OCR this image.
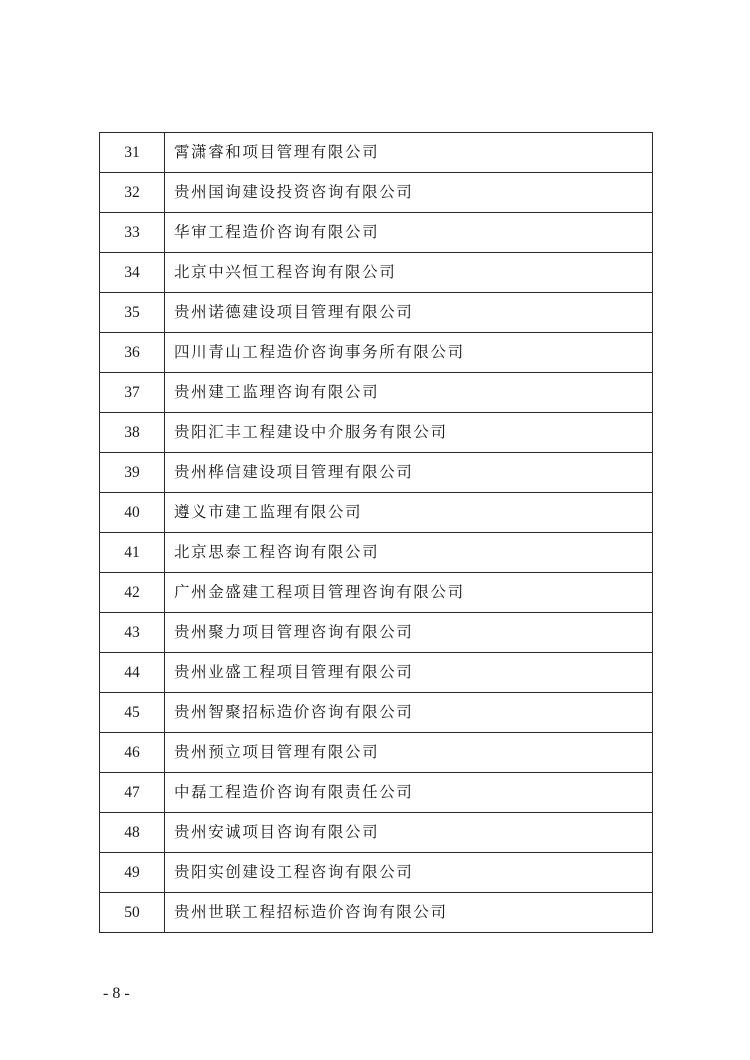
31	霄潇睿和项目管理有限公司
32	贵州国询建设投资咨询有限公司
33	华审工程造价咨询有限公司
34	北京中兴恒工程咨询有限公司
35	贵州诺德建设项目管理有限公司
36	四川青山工程造价咨询事务所有限公司
37	贵州建工监理咨询有限公司
38	贵阳汇丰工程建设中介服务有限公司
39	贵州桦信建设项目管理有限公司
40	遵义市建工监理有限公司
41	北京思泰工程咨询有限公司
42	广州金盛建工程项目管理咨询有限公司
43	贵州聚力项目管理咨询有限公司
44	贵州业盛工程项目管理有限公司
45	贵州智聚招标造价咨询有限公司
46	贵州预立项目管理有限公司
47	中磊工程造价咨询有限责任公司
48	贵州安诚项目咨询有限公司
49	贵阳实创建设工程咨询有限公司
50	贵州世联工程招标造价咨询有限公司
- 8 -
